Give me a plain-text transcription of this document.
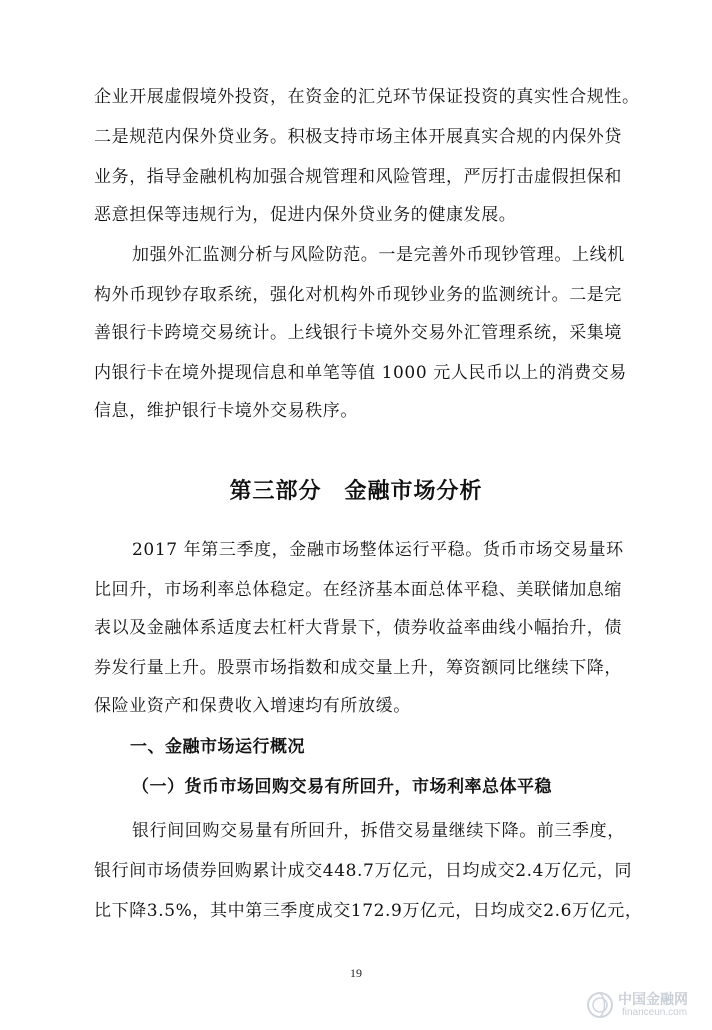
企业开展虚假境外投资，在资金的汇兑环节保证投资的真实性合规性。
二是规范内保外贷业务。积极支持市场主体开展真实合规的内保外贷
业务，指导金融机构加强合规管理和风险管理，严厉打击虚假担保和
恶意担保等违规行为，促进内保外贷业务的健康发展。
加强外汇监测分析与风险防范。一是完善外币现钞管理。上线机
构外币现钞存取系统，强化对机构外币现钞业务的监测统计。二是完
善银行卡跨境交易统计。上线银行卡境外交易外汇管理系统，采集境
内银行卡在境外提现信息和单笔等值 1000 元人民币以上的消费交易
信息，维护银行卡境外交易秩序。
第三部分　金融市场分析
2017 年第三季度，金融市场整体运行平稳。货币市场交易量环
比回升，市场利率总体稳定。在经济基本面总体平稳、美联储加息缩
表以及金融体系适度去杠杆大背景下，债券收益率曲线小幅抬升，债
券发行量上升。股票市场指数和成交量上升，筹资额同比继续下降，
保险业资产和保费收入增速均有所放缓。
一、金融市场运行概况
（一）货币市场回购交易有所回升，市场利率总体平稳
银行间回购交易量有所回升，拆借交易量继续下降。前三季度，
银行间市场债券回购累计成交448.7万亿元，日均成交2.4万亿元，同
比下降3.5%，其中第三季度成交172.9万亿元，日均成交2.6万亿元，
19
中国金融网
financeun.com
